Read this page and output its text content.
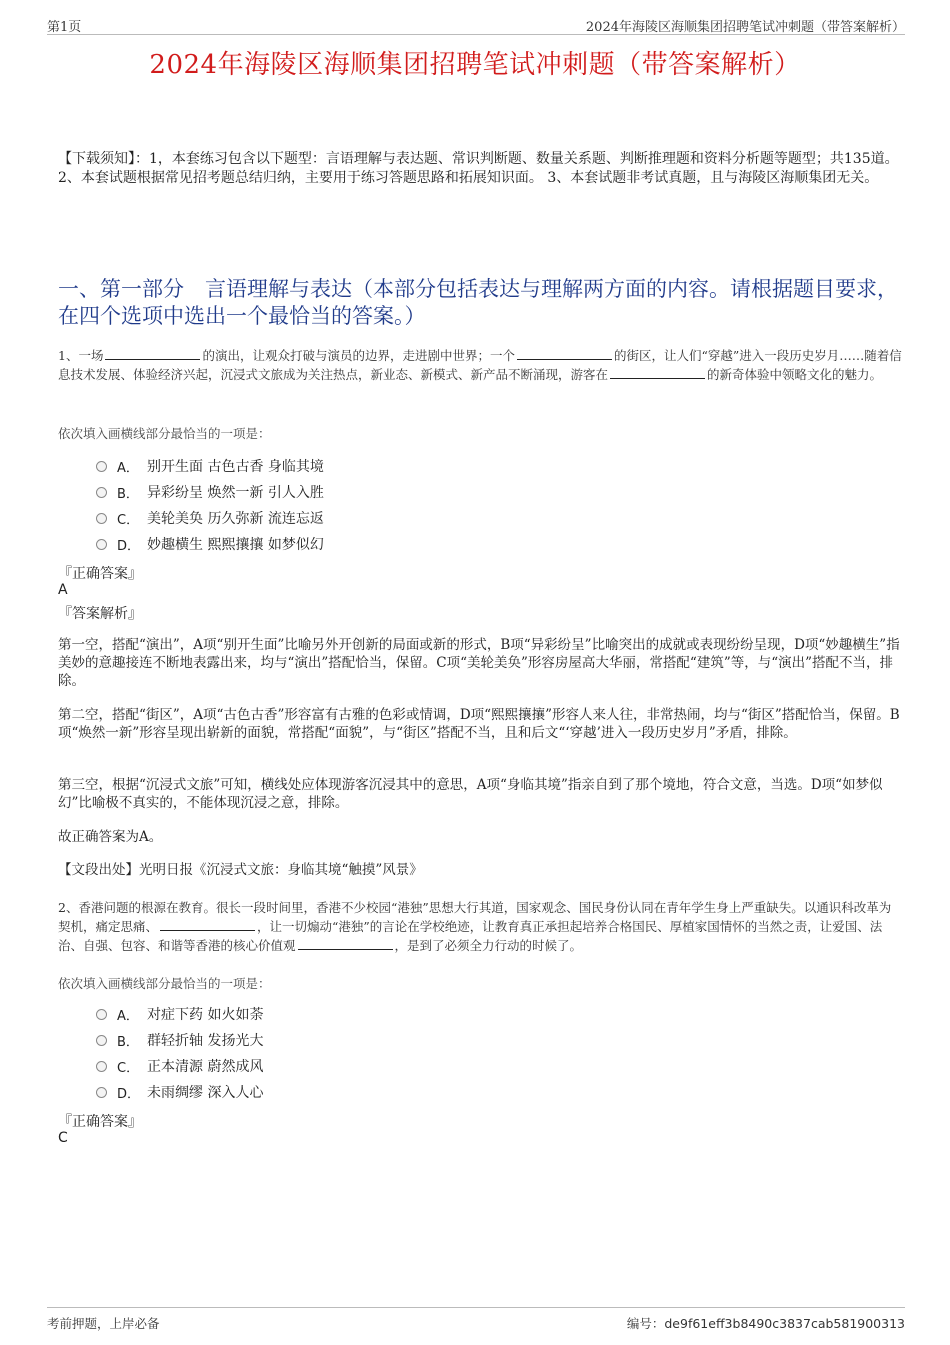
第1页	2024年海陵区海顺集团招聘笔试冲刺题（带答案解析）
2024年海陵区海顺集团招聘笔试冲刺题（带答案解析）
【下载须知】：1，本套练习包含以下题型：言语理解与表达题、常识判断题、数量关系题、判断推理题和资料分析题等题型；共135道。 2、本套试题根据常见招考题总结归纳，主要用于练习答题思路和拓展知识面。 3、本套试题非考试真题，且与海陵区海顺集团无关。
一、第一部分　言语理解与表达（本部分包括表达与理解两方面的内容。请根据题目要求，在四个选项中选出一个最恰当的答案。）
1、一场	的演出，让观众打破与演员的边界，走进剧中世界；一个	的街区，让人们“穿越”进入一段历史岁月……随着信息技术发展、体验经济兴起，沉浸式文旅成为关注热点，新业态、新模式、新产品不断涌现，游客在	的新奇体验中领略文化的魅力。
依次填入画横线部分最恰当的一项是：
A． 别开生面 古色古香 身临其境
B． 异彩纷呈 焕然一新 引人入胜
C． 美轮美奂 历久弥新 流连忘返
D． 妙趣横生 熙熙攘攘 如梦似幻
『正确答案』
A
『答案解析』
第一空，搭配“演出”，A项“别开生面”比喻另外开创新的局面或新的形式，B项“异彩纷呈”比喻突出的成就或表现纷纷呈现，D项“妙趣横生”指美妙的意趣接连不断地表露出来，均与“演出”搭配恰当，保留。C项“美轮美奂”形容房屋高大华丽，常搭配“建筑”等，与“演出”搭配不当，排除。
第二空，搭配“街区”，A项“古色古香”形容富有古雅的色彩或情调，D项“熙熙攘攘”形容人来人往，非常热闹，均与“街区”搭配恰当，保留。B项“焕然一新”形容呈现出崭新的面貌，常搭配“面貌”，与“街区”搭配不当，且和后文“‘穿越’进入一段历史岁月”矛盾，排除。
第三空，根据“沉浸式文旅”可知，横线处应体现游客沉浸其中的意思，A项“身临其境”指亲自到了那个境地，符合文意，当选。D项“如梦似幻”比喻极不真实的，不能体现沉浸之意，排除。
故正确答案为A。
【文段出处】光明日报《沉浸式文旅：身临其境“触摸”风景》
2、香港问题的根源在教育。很长一段时间里，香港不少校园“港独”思想大行其道，国家观念、国民身份认同在青年学生身上严重缺失。以通识科改革为契机，痛定思痛、	，让一切煽动“港独”的言论在学校绝迹，让教育真正承担起培养合格国民、厚植家国情怀的当然之责，让爱国、法治、自强、包容、和谐等香港的核心价值观	，是到了必须全力行动的时候了。
依次填入画横线部分最恰当的一项是：
A． 对症下药 如火如荼
B． 群轻折轴 发扬光大
C． 正本清源 蔚然成风
D． 未雨绸缪 深入人心
『正确答案』
C
考前押题，上岸必备	编号：de9f61eff3b8490c3837cab581900313
